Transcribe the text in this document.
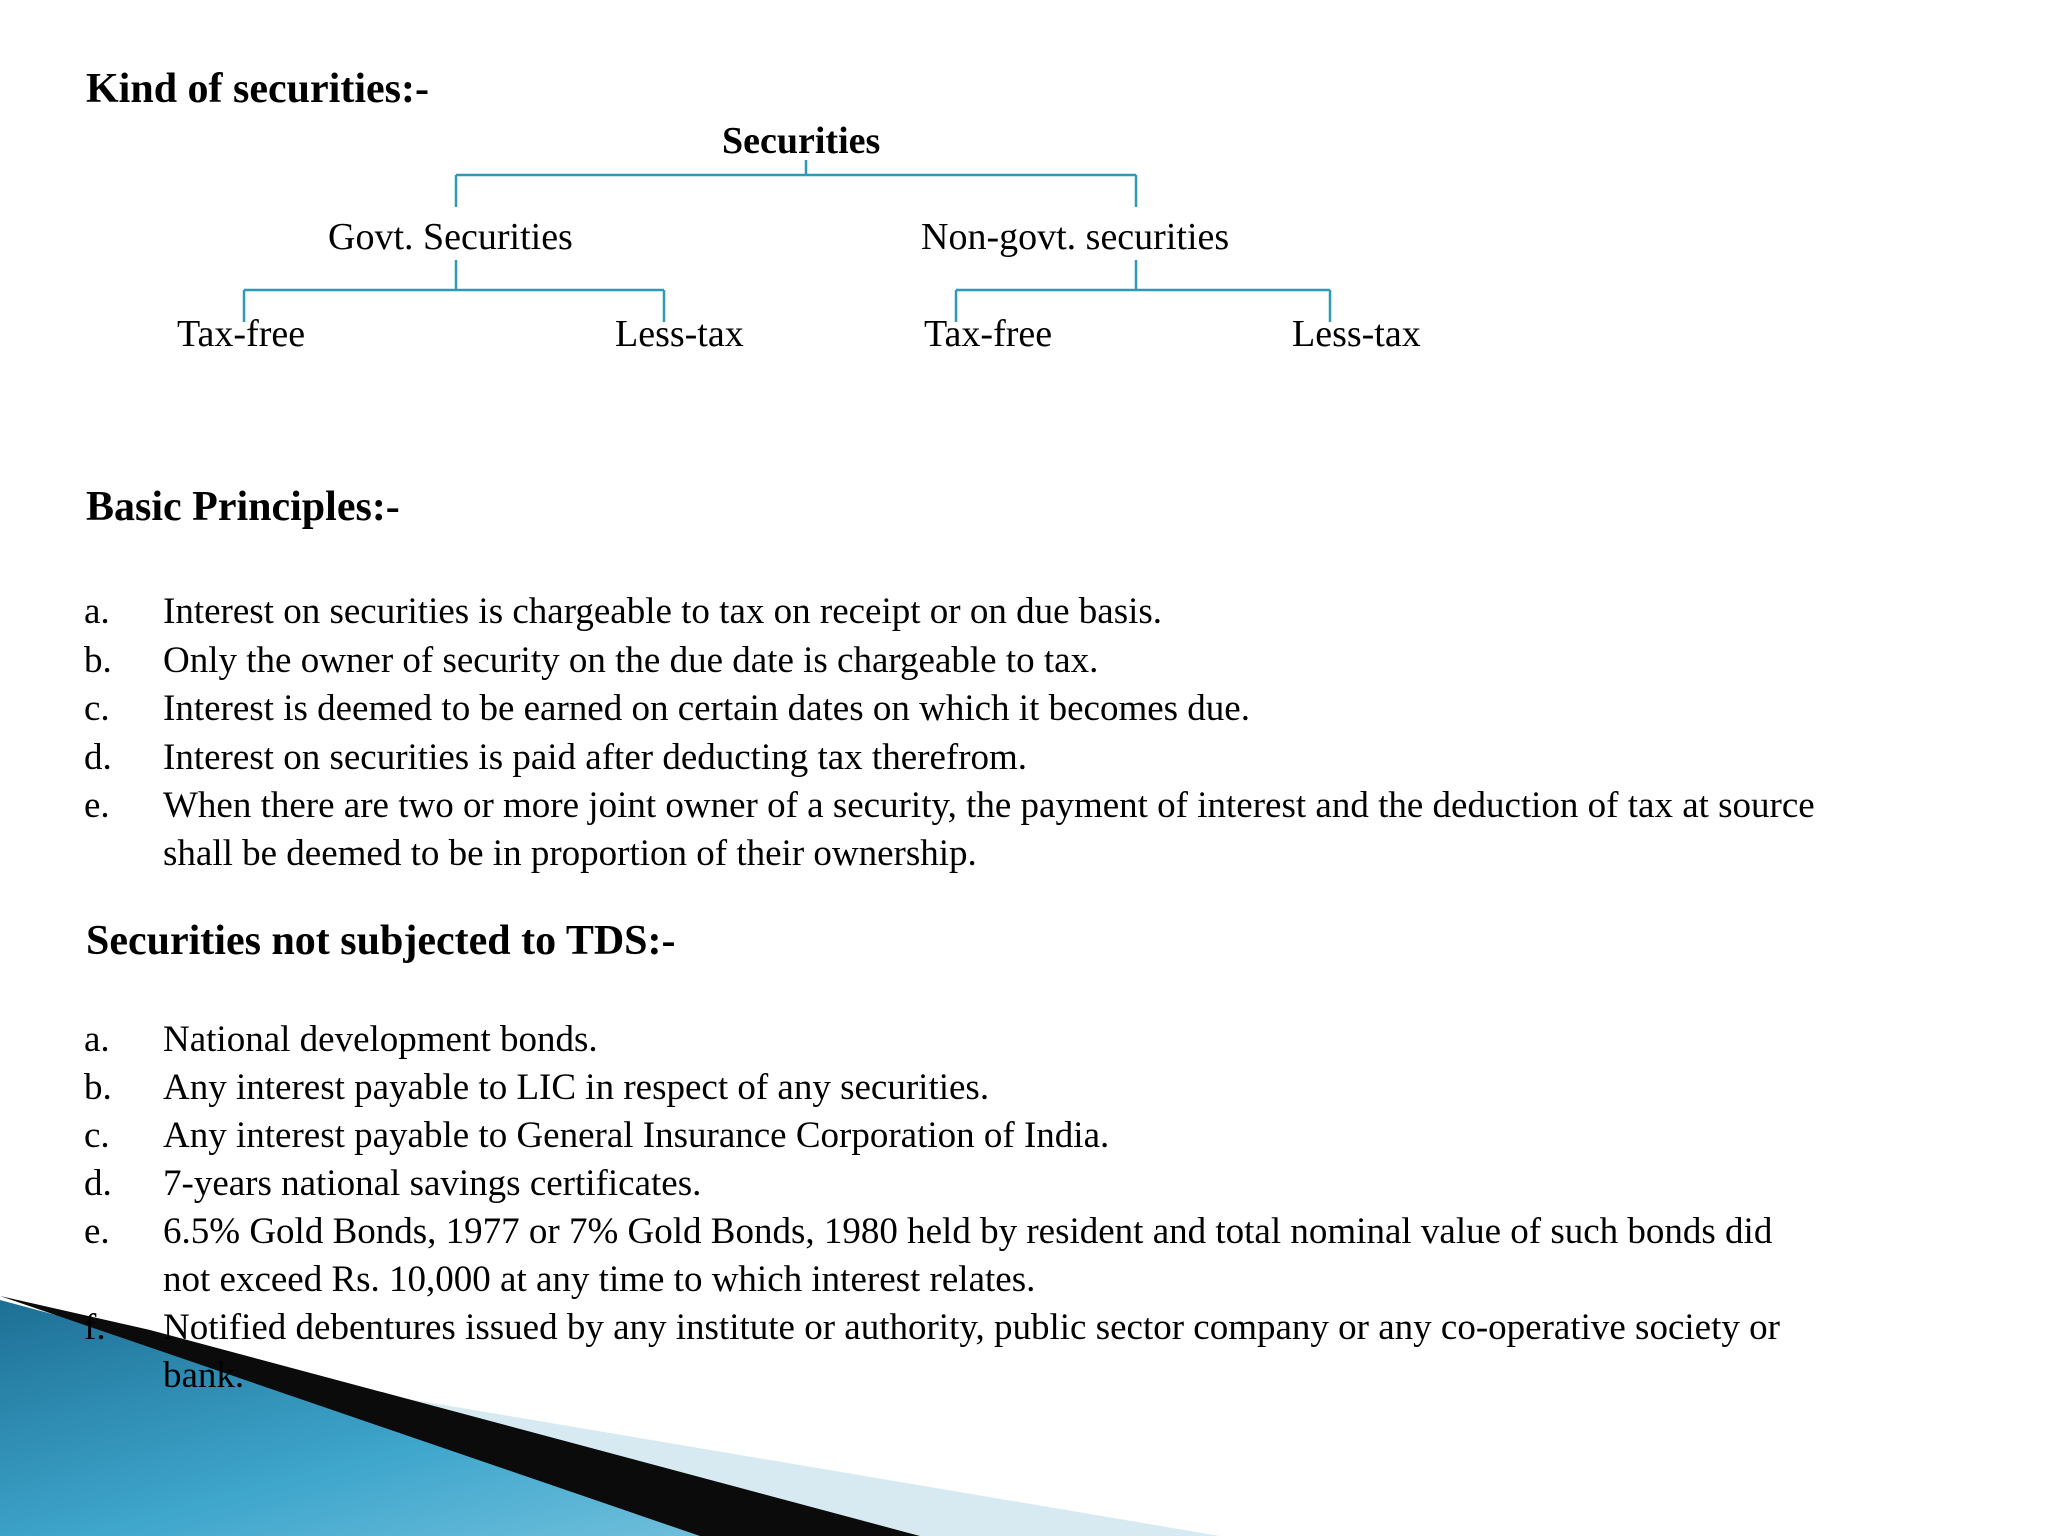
Kind of securities:-
Securities
Govt. Securities	Non-govt. securities
Tax-free	Less-tax	Tax-free	Less-tax
Basic Principles:-
a. Interest on securities is chargeable to tax on receipt or on due basis.
b. Only the owner of security on the due date is chargeable to tax.
c. Interest is deemed to be earned on certain dates on which it becomes due.
d. Interest on securities is paid after deducting tax therefrom.
e. When there are two or more joint owner of a security, the payment of interest and the deduction of tax at source shall be deemed to be in proportion of their ownership.
Securities not subjected to TDS:-
a. National development bonds.
b. Any interest payable to LIC in respect of any securities.
c. Any interest payable to General Insurance Corporation of India.
d. 7-years national savings certificates.
e. 6.5% Gold Bonds, 1977 or 7% Gold Bonds, 1980 held by resident and total nominal value of such bonds did not exceed Rs. 10,000 at any time to which interest relates.
f. Notified debentures issued by any institute or authority, public sector company or any co-operative society or bank.
